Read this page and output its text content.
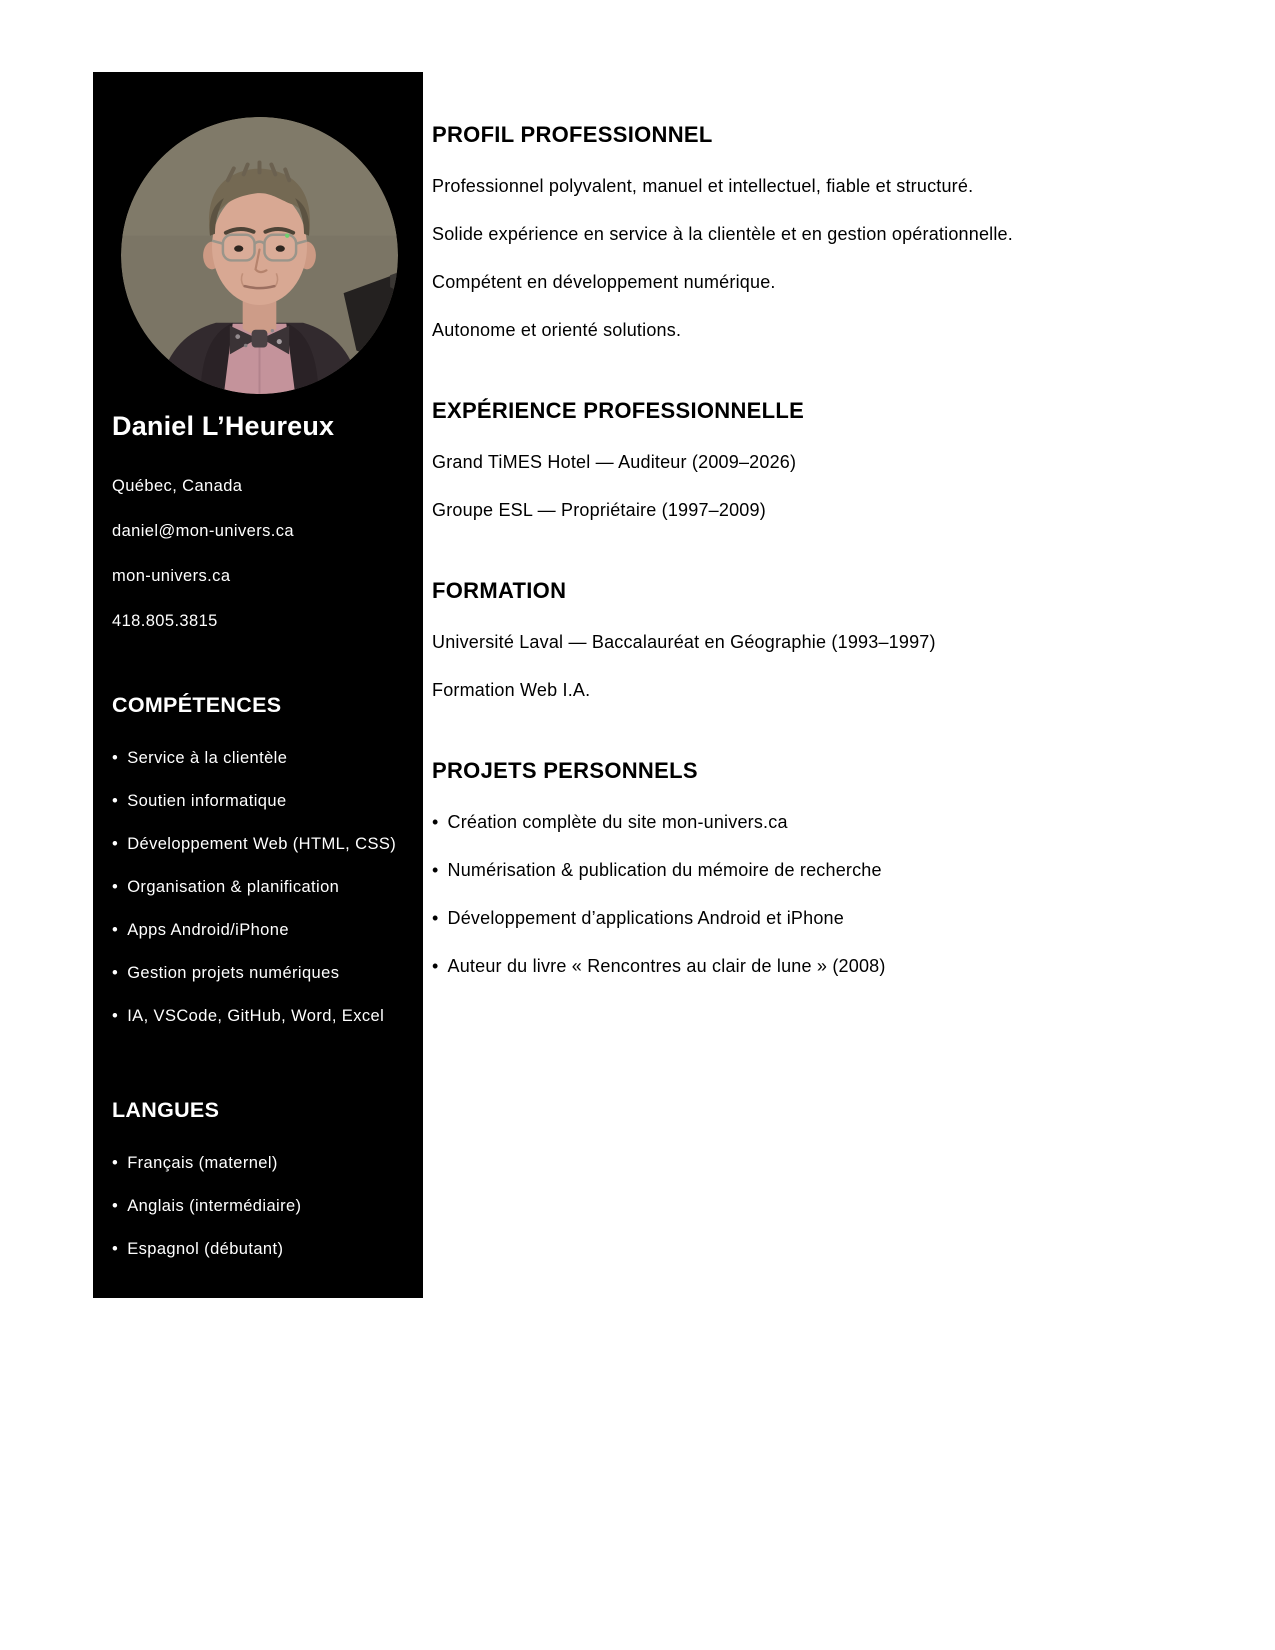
Daniel L’Heureux
Québec, Canada
daniel@mon-univers.ca
mon-univers.ca
418.805.3815
COMPÉTENCES
• Service à la clientèle
• Soutien informatique
• Développement Web (HTML, CSS)
• Organisation & planification
• Apps Android/iPhone
• Gestion projets numériques
• IA, VSCode, GitHub, Word, Excel
LANGUES
• Français (maternel)
• Anglais (intermédiaire)
• Espagnol (débutant)
PROFIL PROFESSIONNEL
Professionnel polyvalent, manuel et intellectuel, fiable et structuré.
Solide expérience en service à la clientèle et en gestion opérationnelle.
Compétent en développement numérique.
Autonome et orienté solutions.
EXPÉRIENCE PROFESSIONNELLE
Grand TiMES Hotel — Auditeur (2009–2026)
Groupe ESL — Propriétaire (1997–2009)
FORMATION
Université Laval — Baccalauréat en Géographie (1993–1997)
Formation Web I.A.
PROJETS PERSONNELS
• Création complète du site mon-univers.ca
• Numérisation & publication du mémoire de recherche
• Développement d’applications Android et iPhone
• Auteur du livre « Rencontres au clair de lune » (2008)
